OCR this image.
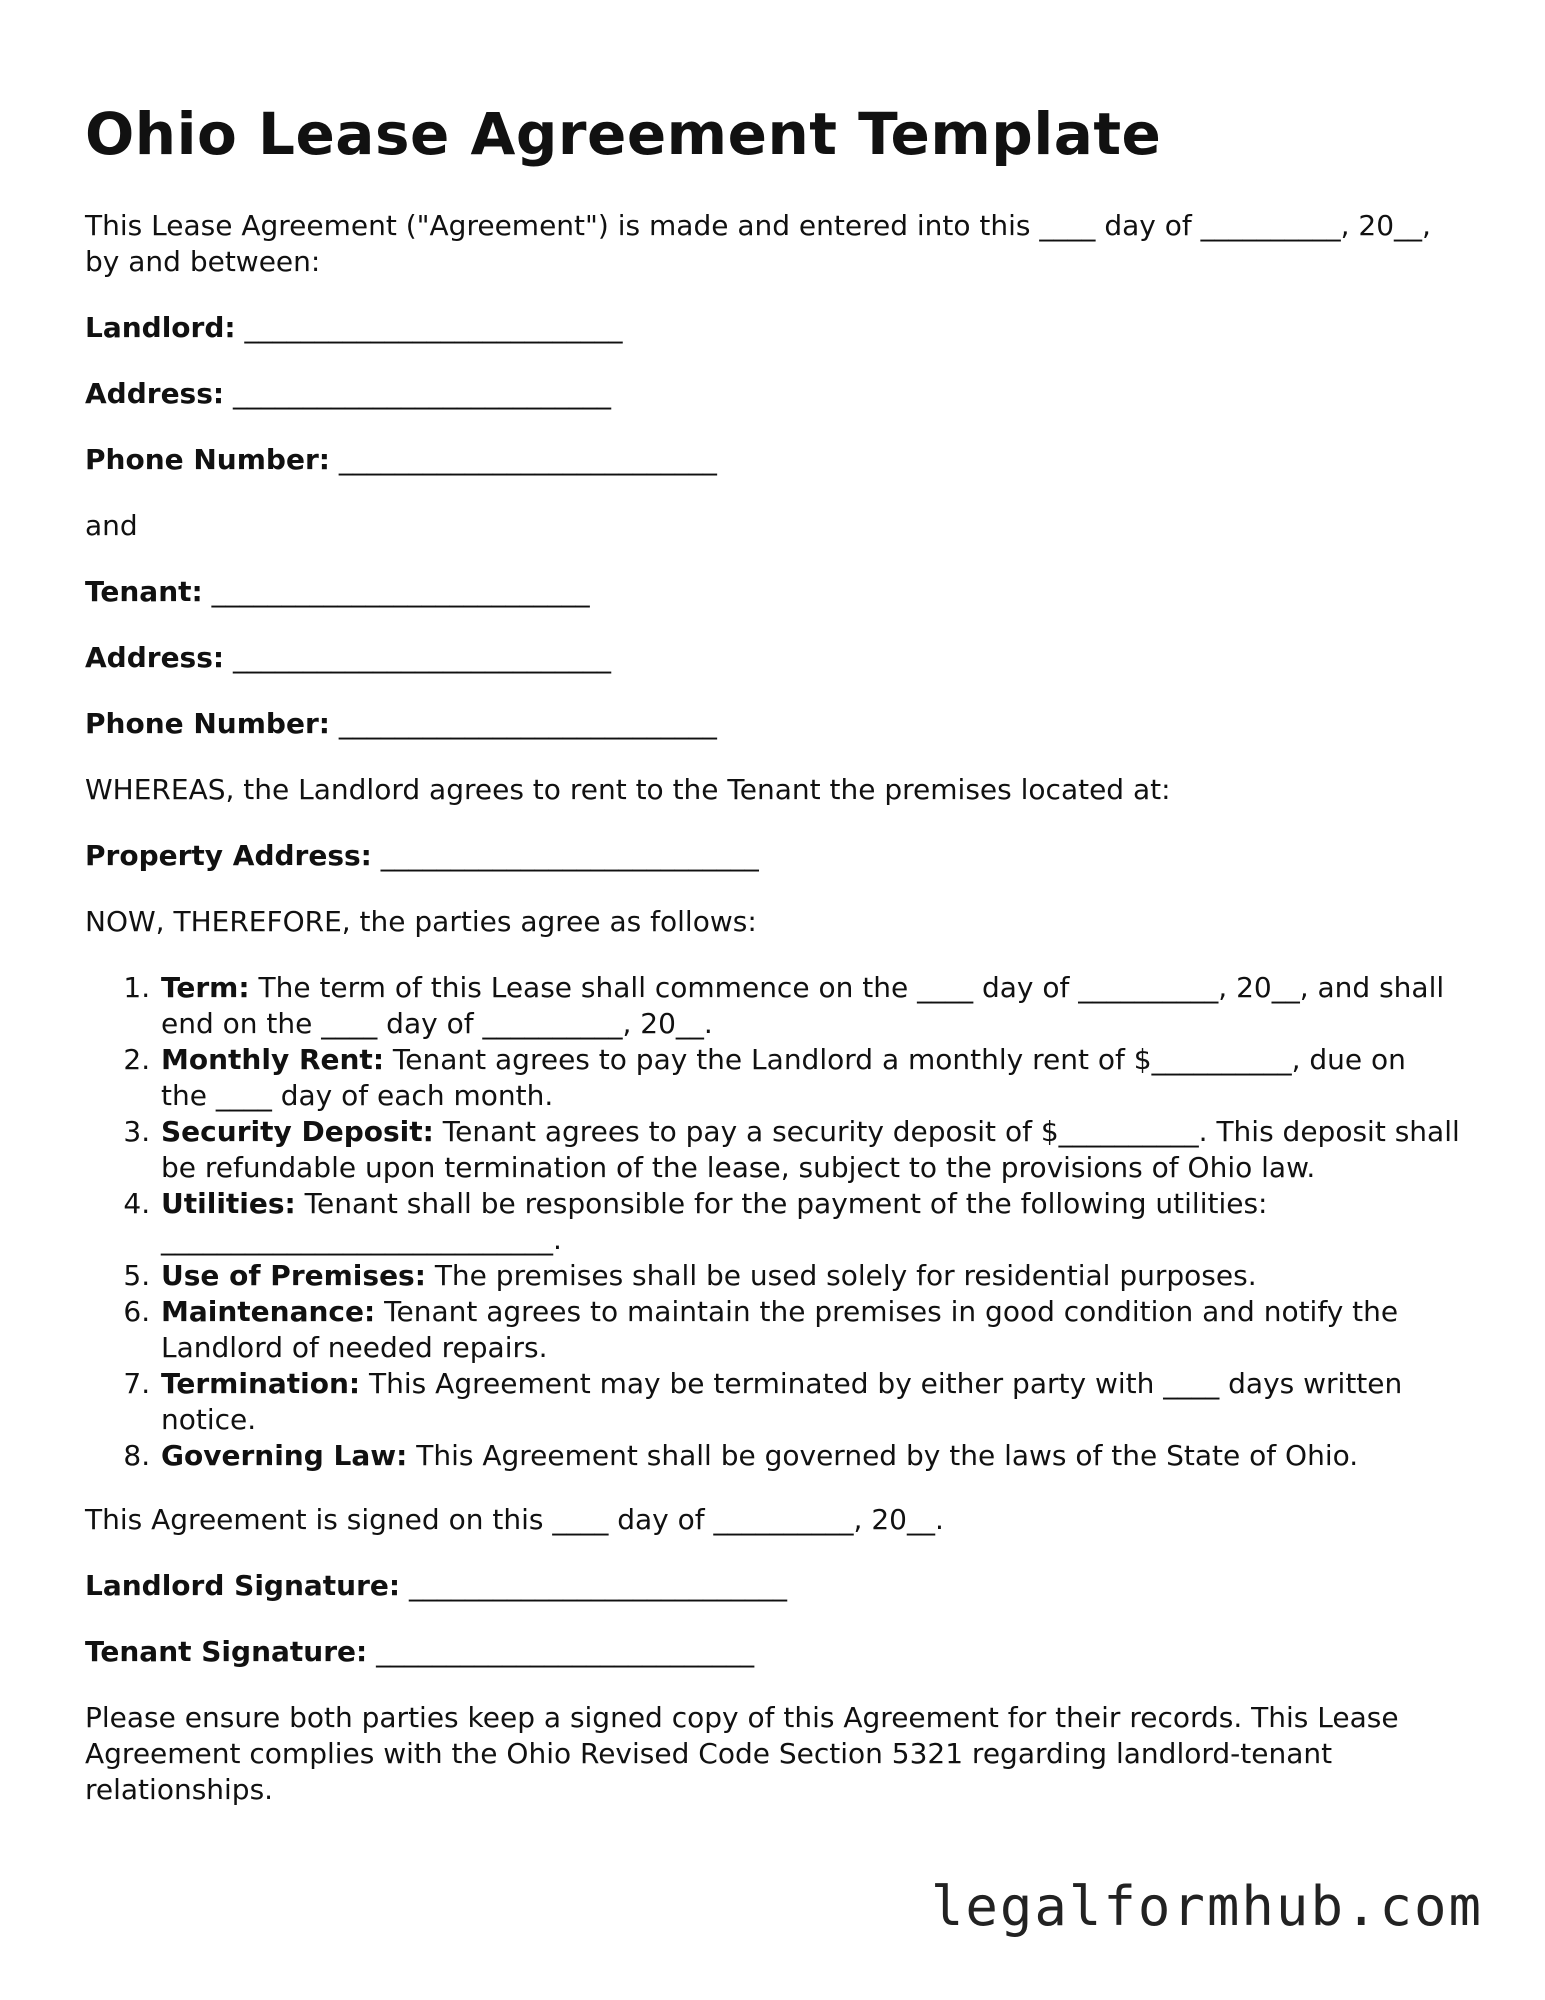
Ohio Lease Agreement Template

This Lease Agreement ("Agreement") is made and entered into this ____ day of __________, 20__, by and between:

Landlord: ___________________________

Address: ___________________________

Phone Number: ___________________________

and

Tenant: ___________________________

Address: ___________________________

Phone Number: ___________________________

WHEREAS, the Landlord agrees to rent to the Tenant the premises located at:

Property Address: ___________________________

NOW, THEREFORE, the parties agree as follows:

1. Term: The term of this Lease shall commence on the ____ day of __________, 20__, and shall end on the ____ day of __________, 20__.
2. Monthly Rent: Tenant agrees to pay the Landlord a monthly rent of $__________, due on the ____ day of each month.
3. Security Deposit: Tenant agrees to pay a security deposit of $__________. This deposit shall be refundable upon termination of the lease, subject to the provisions of Ohio law.
4. Utilities: Tenant shall be responsible for the payment of the following utilities: ____________________________.
5. Use of Premises: The premises shall be used solely for residential purposes.
6. Maintenance: Tenant agrees to maintain the premises in good condition and notify the Landlord of needed repairs.
7. Termination: This Agreement may be terminated by either party with ____ days written notice.
8. Governing Law: This Agreement shall be governed by the laws of the State of Ohio.

This Agreement is signed on this ____ day of __________, 20__.

Landlord Signature: ___________________________

Tenant Signature: ___________________________

Please ensure both parties keep a signed copy of this Agreement for their records. This Lease Agreement complies with the Ohio Revised Code Section 5321 regarding landlord-tenant relationships.

legalformhub.com
